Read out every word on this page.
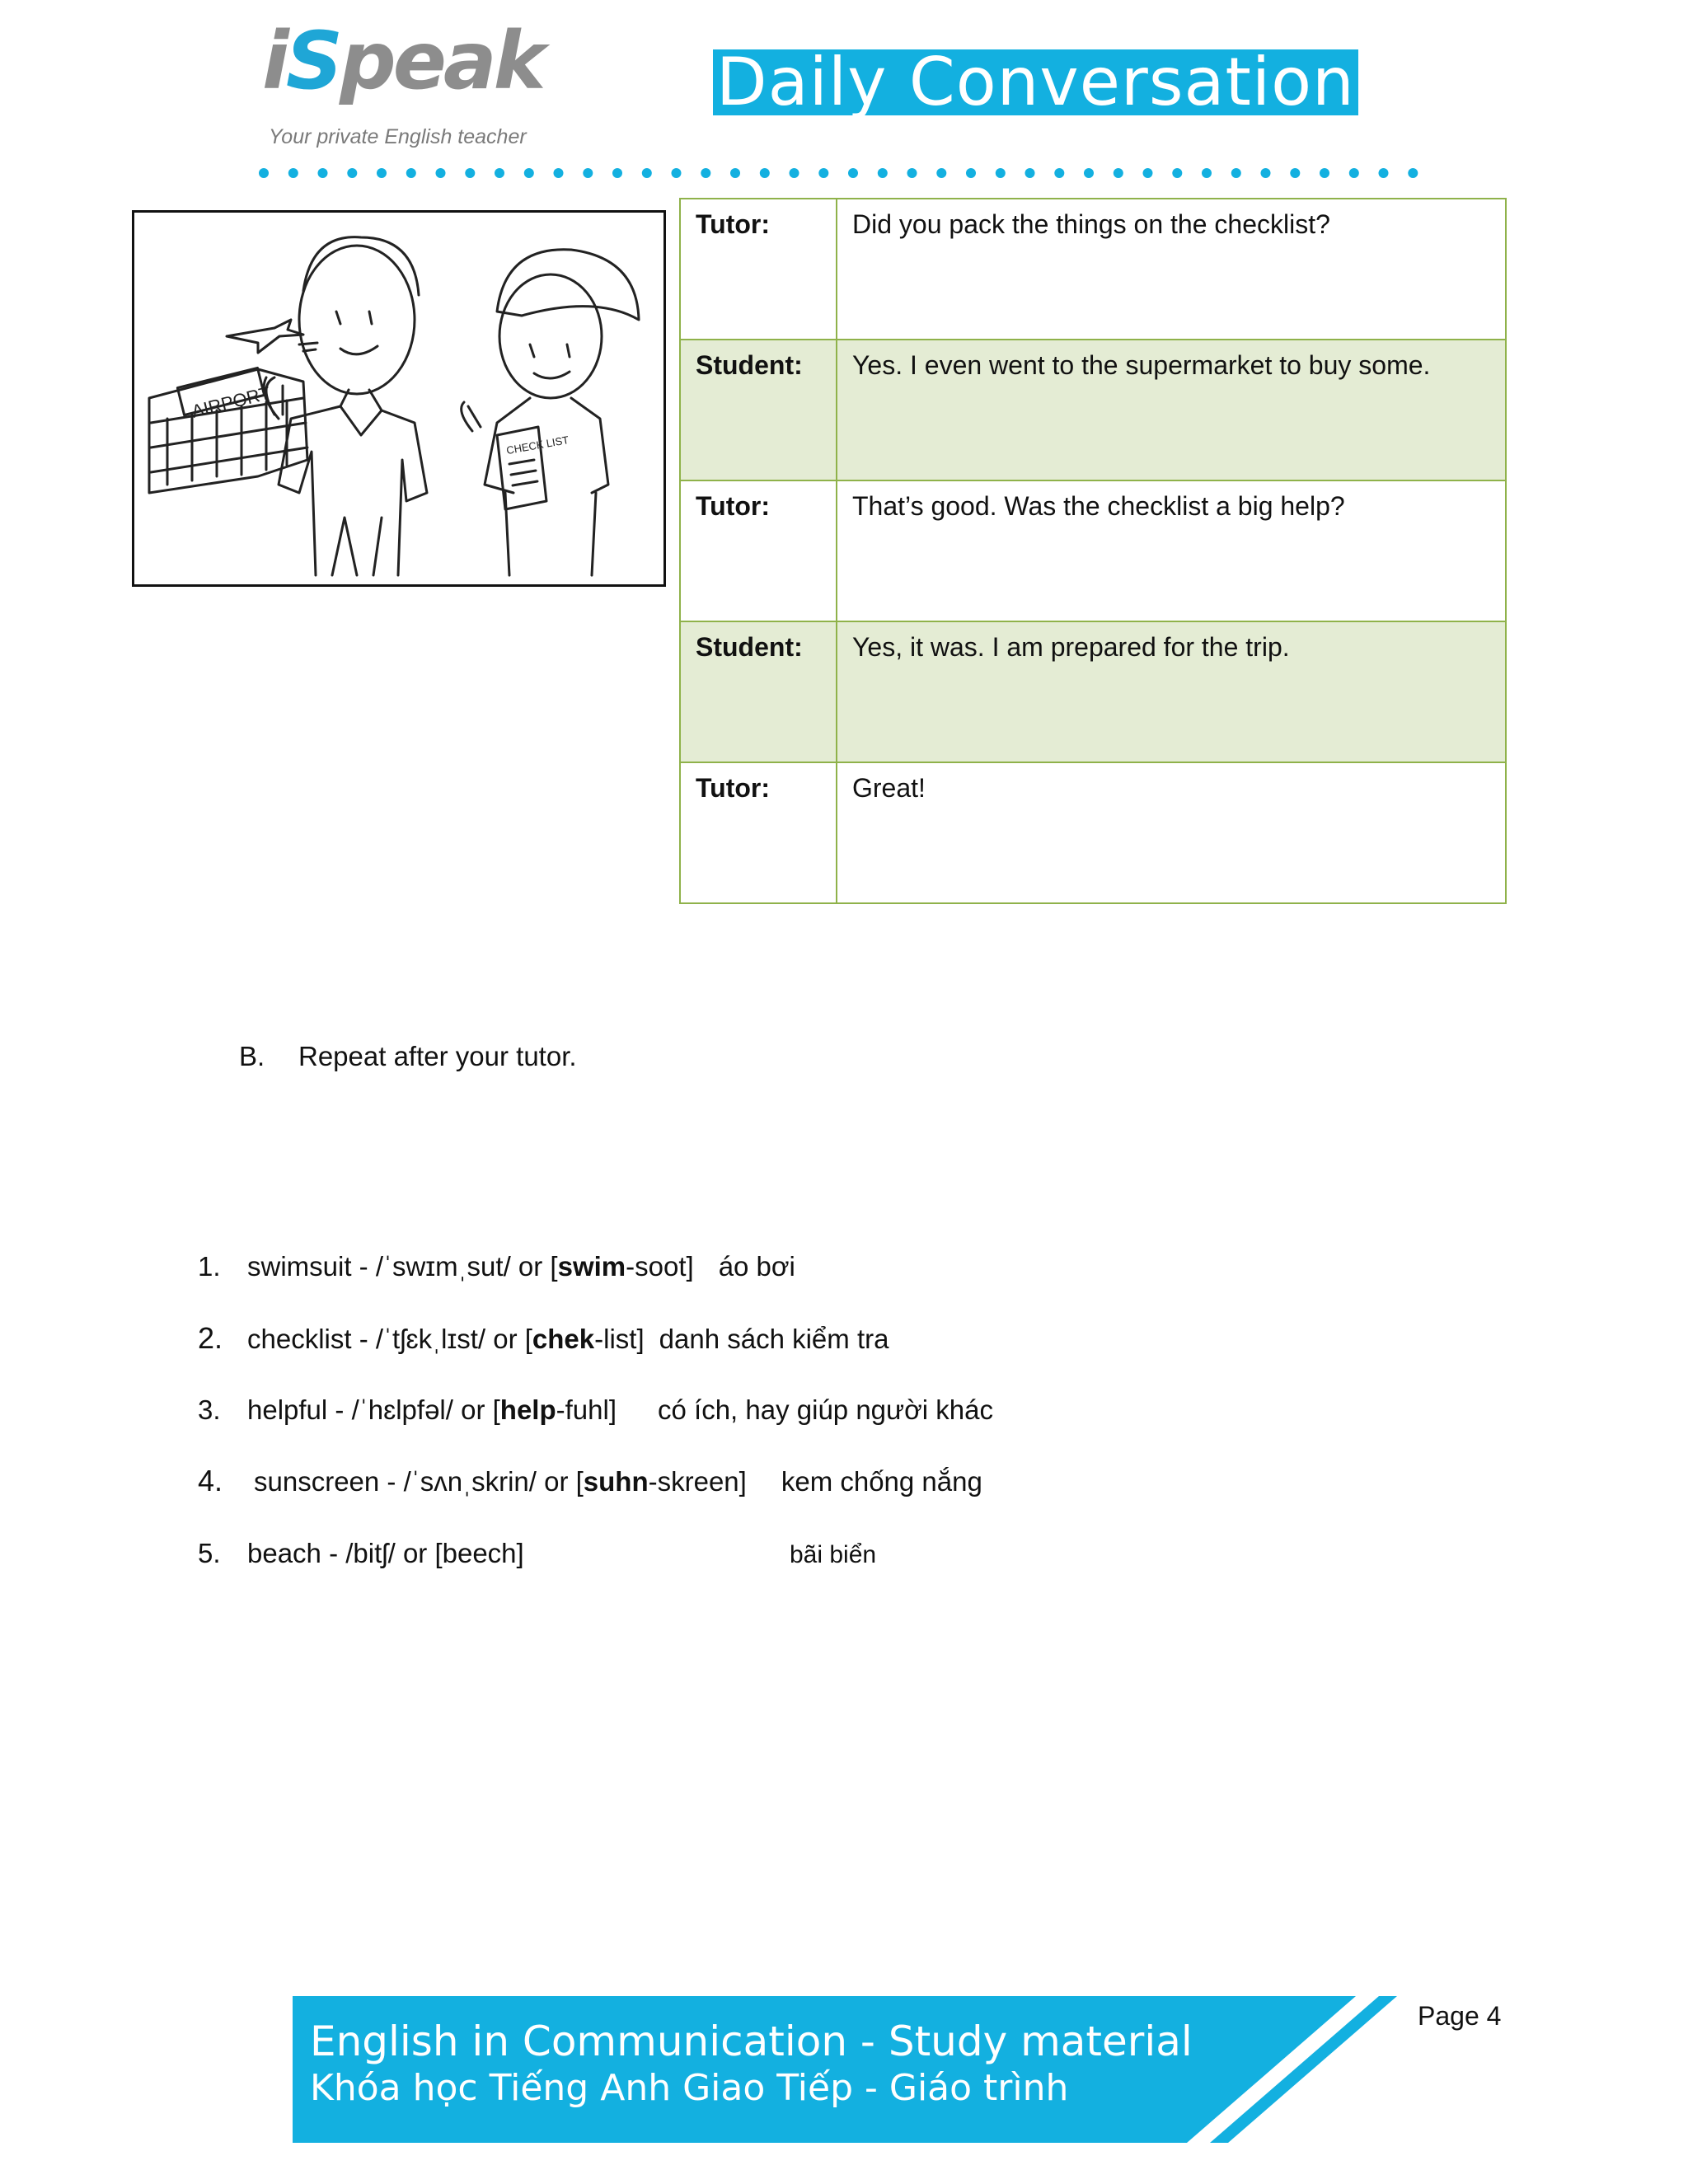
iSpeak
Your private English teacher
Daily Conversation
AIRPORT
CHECK LIST
Tutor:	Did you pack the things on the checklist?
Student:	Yes. I even went to the supermarket to buy some.
Tutor:	That’s good. Was the checklist a big help?
Student:	Yes, it was. I am prepared for the trip.
Tutor:	Great!
B. Repeat after your tutor.
1. swimsuit - /ˈswɪmˌsut/ or [swim-soot] áo bơi
2. checklist - /ˈtʃɛkˌlɪst/ or [chek-list] danh sách kiểm tra
3. helpful - /ˈhɛlpfəl/ or [help-fuhl] có ích, hay giúp người khác
4. sunscreen - /ˈsʌnˌskrin/ or [suhn-skreen] kem chống nắng
5. beach - /bitʃ/ or [beech]	bãi biển
English in Communication - Study material
Khóa học Tiếng Anh Giao Tiếp - Giáo trình
Page 4
